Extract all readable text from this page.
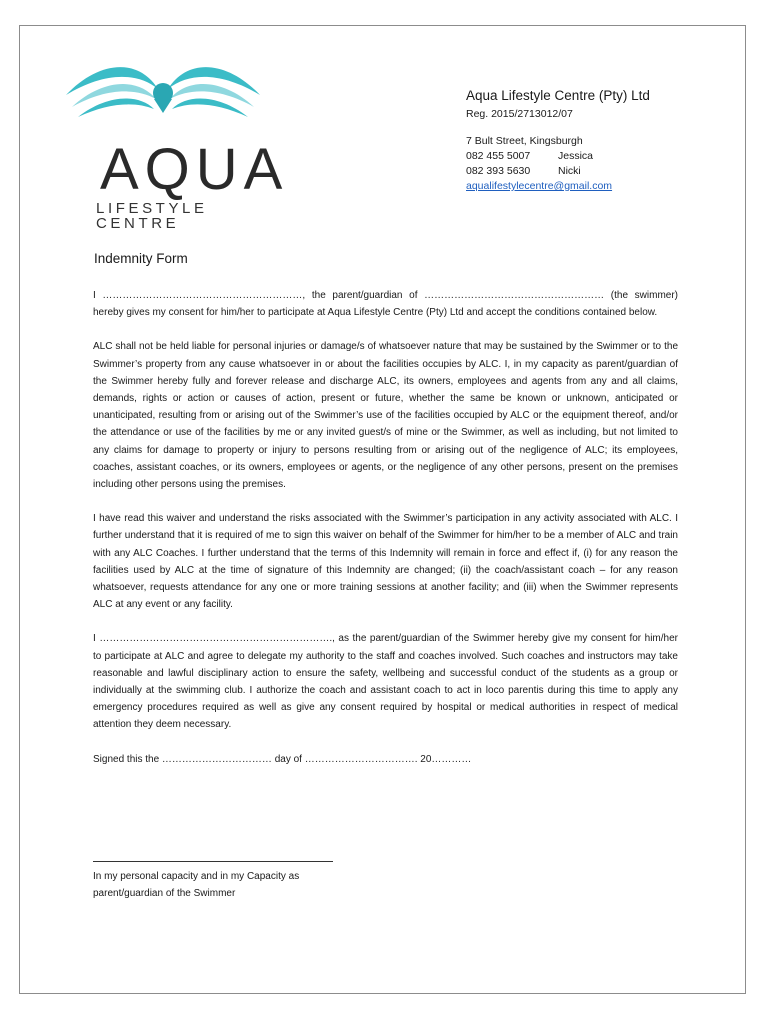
AQUA
LIFESTYLE CENTRE
Aqua Lifestyle Centre (Pty) Ltd
Reg. 2015/2713012/07
7 Bult Street, Kingsburgh
082 455 5007	Jessica
082 393 5630	Nicki
aqualifestylecentre@gmail.com
Indemnity Form

I ……………………………………………………, the parent/guardian of ……………………………………………… (the swimmer) hereby gives my consent for him/her to participate at Aqua Lifestyle Centre (Pty) Ltd and accept the conditions contained below.

ALC shall not be held liable for personal injuries or damage/s of whatsoever nature that may be sustained by the Swimmer or to the Swimmer’s property from any cause whatsoever in or about the facilities occupies by ALC. I, in my capacity as parent/guardian of the Swimmer hereby fully and forever release and discharge ALC, its owners, employees and agents from any and all claims, demands, rights or action or causes of action, present or future, whether the same be known or unknown, anticipated or unanticipated, resulting from or arising out of the Swimmer’s use of the facilities occupied by ALC or the equipment thereof, and/or the attendance or use of the facilities by me or any invited guest/s of mine or the Swimmer, as well as including, but not limited to any claims for damage to property or injury to persons resulting from or arising out of the negligence of ALC; its employees, coaches, assistant coaches, or its owners, employees or agents, or the negligence of any other persons, present on the premises including other persons using the premises.

I have read this waiver and understand the risks associated with the Swimmer’s participation in any activity associated with ALC. I further understand that it is required of me to sign this waiver on behalf of the Swimmer for him/her to be a member of ALC and train with any ALC Coaches. I further understand that the terms of this Indemnity will remain in force and effect if, (i) for any reason the facilities used by ALC at the time of signature of this Indemnity are changed; (ii) the coach/assistant coach – for any reason whatsoever, requests attendance for any one or more training sessions at another facility; and (iii) when the Swimmer represents ALC at any event or any facility.

I ……………………………………………………………., as the parent/guardian of the Swimmer hereby give my consent for him/her to participate at ALC and agree to delegate my authority to the staff and coaches involved. Such coaches and instructors may take reasonable and lawful disciplinary action to ensure the safety, wellbeing and successful conduct of the students as a group or individually at the swimming club. I authorize the coach and assistant coach to act in loco parentis during this time to apply any emergency procedures required as well as give any consent required by hospital or medical authorities in respect of medical attention they deem necessary.

Signed this the …………………………… day of ……………………………. 20…………

In my personal capacity and in my Capacity as
parent/guardian of the Swimmer
